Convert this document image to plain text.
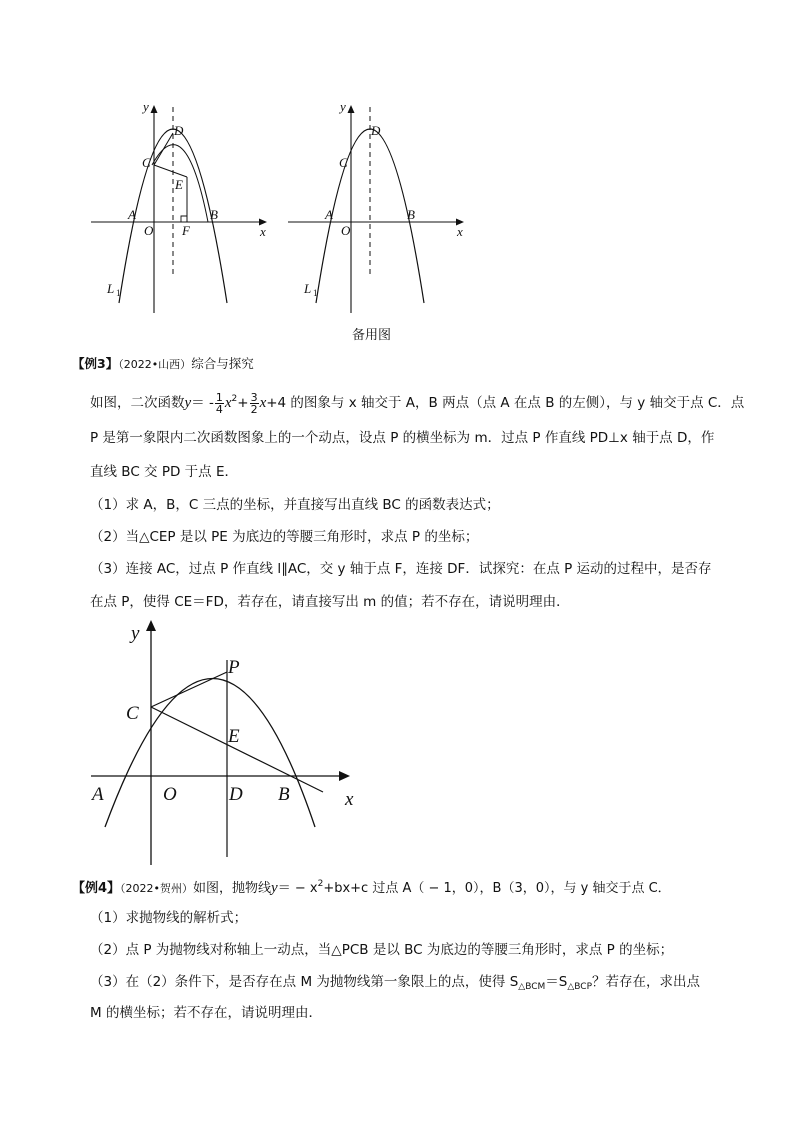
y
x
D
C
E
A
O F
B
L 1
y
x
D
C
A
O
B
L 1
备用图
【例3】（2022•山西）综合与探究
如图，二次函数$y= - \frac{1}{4} x^2+ \frac{3}{2} x+4$ 的图象与 x 轴交于 A，B 两点（点 A 在点 B 的左侧），与 y 轴交于点 C．点
P 是第一象限内二次函数图象上的一个动点，设点 P 的横坐标为 m．过点 P 作直线 PD⊥x 轴于点 D，作
直线 BC 交 PD 于点 E．
（1）求 A，B，C 三点的坐标，并直接写出直线 BC 的函数表达式；
（2）当△CEP 是以 PE 为底边的等腰三角形时，求点 P 的坐标；
（3）连接 AC，过点 P 作直线 l∥AC，交 y 轴于点 F，连接 DF．试探究：在点 P 运动的过程中，是否存
在点 P，使得 CE＝FD，若存在，请直接写出 m 的值；若不存在，请说明理由．
y
x
P
C
E
A	O	D B
【例4】（2022•贺州）如图，抛物线$y= - x^2+bx+c$ 过点 A（ − 1，0），B（3，0），与 y 轴交于点 C．
（1）求抛物线的解析式；
（2）点 P 为抛物线对称轴上一动点，当△PCB 是以 BC 为底边的等腰三角形时，求点 P 的坐标；
（3）在（2）条件下，是否存在点 M 为抛物线第一象限上的点，使得 $S_{\triangle BCM}=S_{\triangle BCP}$？若存在，求出点
M 的横坐标；若不存在，请说明理由．
